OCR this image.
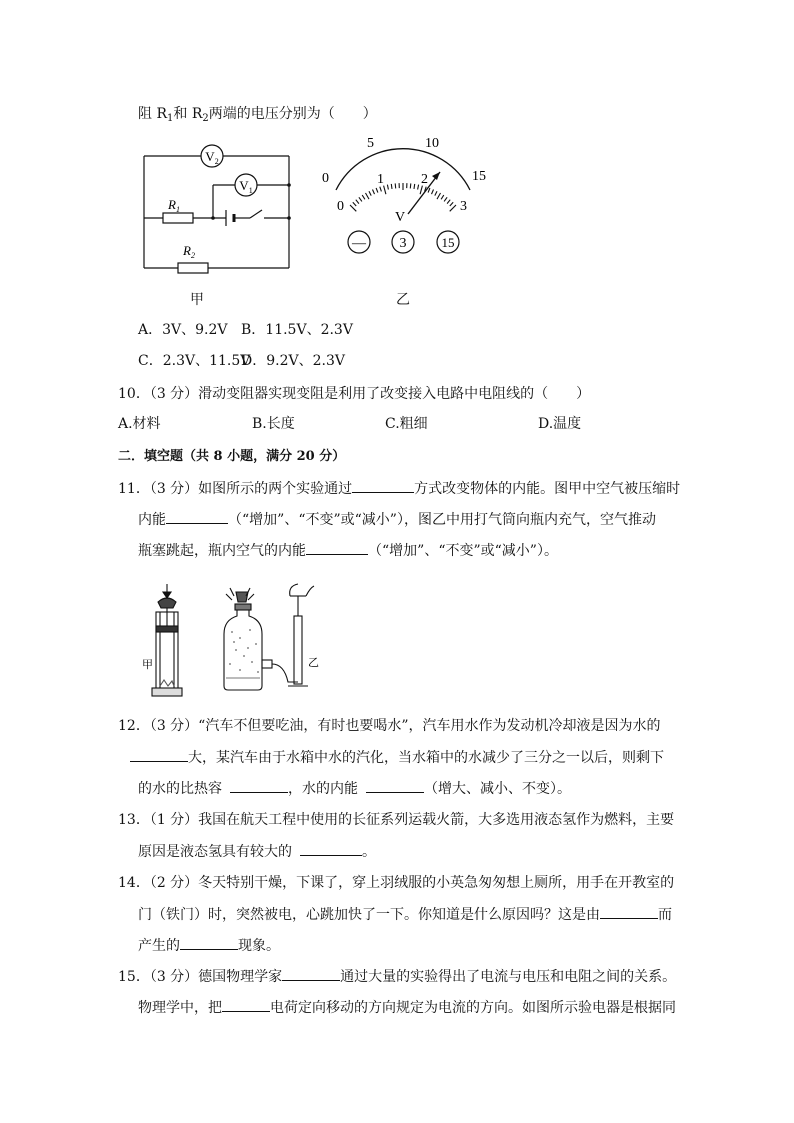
阻 $R_1$和 $R_2$两端的电压分别为（　　）
$V_2$
$V_1$
$R_1$
$R_2$
0
5	10
15
0
1	2
3
V
— 3	15
甲	乙
A．3V、9.2V B．11.5V、2.3V
C．2.3V、11.5V
D．9.2V、2.3V
10．（3 分）滑动变阻器实现变阻是利用了改变接入电路中电阻线的（　　）
A.材料	B.长度	C.粗细	D.温度
二．填空题（共 8 小题，满分 20 分）
11．（3 分）如图所示的两个实验通过	方式改变物体的内能。图甲中空气被压缩时
内能	（“增加”、“不变”或“减小”），图乙中用打气筒向瓶内充气，空气推动
瓶塞跳起，瓶内空气的内能	（“增加”、“不变”或“减小”）。
甲	乙
12．（3 分）“汽车不但要吃油，有时也要喝水”，汽车用水作为发动机冷却液是因为水的
大，某汽车由于水箱中水的汽化，当水箱中的水减少了三分之一以后，则剩下
的水的比热容	，水的内能	（增大、减小、不变）。
13．（1 分）我国在航天工程中使用的长征系列运载火箭，大多选用液态氢作为燃料，主要
原因是液态氢具有较大的	。
14．（2 分）冬天特别干燥，下课了，穿上羽绒服的小英急匆匆想上厕所，用手在开教室的
门（铁门）时，突然被电，心跳加快了一下。你知道是什么原因吗？这是由	而
产生的	现象。
15．（3 分）德国物理学家	通过大量的实验得出了电流与电压和电阻之间的关系。
物理学中，把	电荷定向移动的方向规定为电流的方向。如图所示验电器是根据同
